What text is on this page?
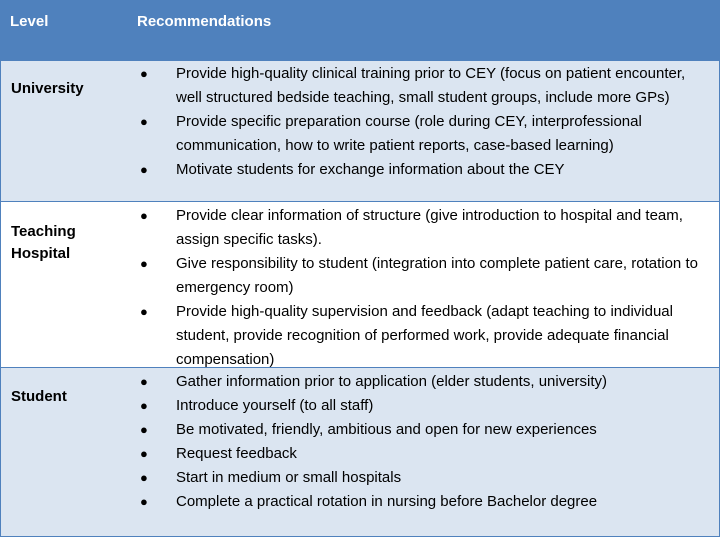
Level	Recommendations
University
● Provide high-quality clinical training prior to CEY (focus on patient encounter, well structured bedside teaching, small student groups, include more GPs)
● Provide specific preparation course (role during CEY, interprofessional communication, how to write patient reports, case-based learning)
● Motivate students for exchange information about the CEY
Teaching
Hospital
● Provide clear information of structure (give introduction to hospital and team, assign specific tasks).
● Give responsibility to student (integration into complete patient care, rotation to emergency room)
● Provide high-quality supervision and feedback (adapt teaching to individual student, provide recognition of performed work, provide adequate financial compensation)
Student
● Gather information prior to application (elder students, university)
● Introduce yourself (to all staff)
● Be motivated, friendly, ambitious and open for new experiences
● Request feedback
● Start in medium or small hospitals
● Complete a practical rotation in nursing before Bachelor degree
